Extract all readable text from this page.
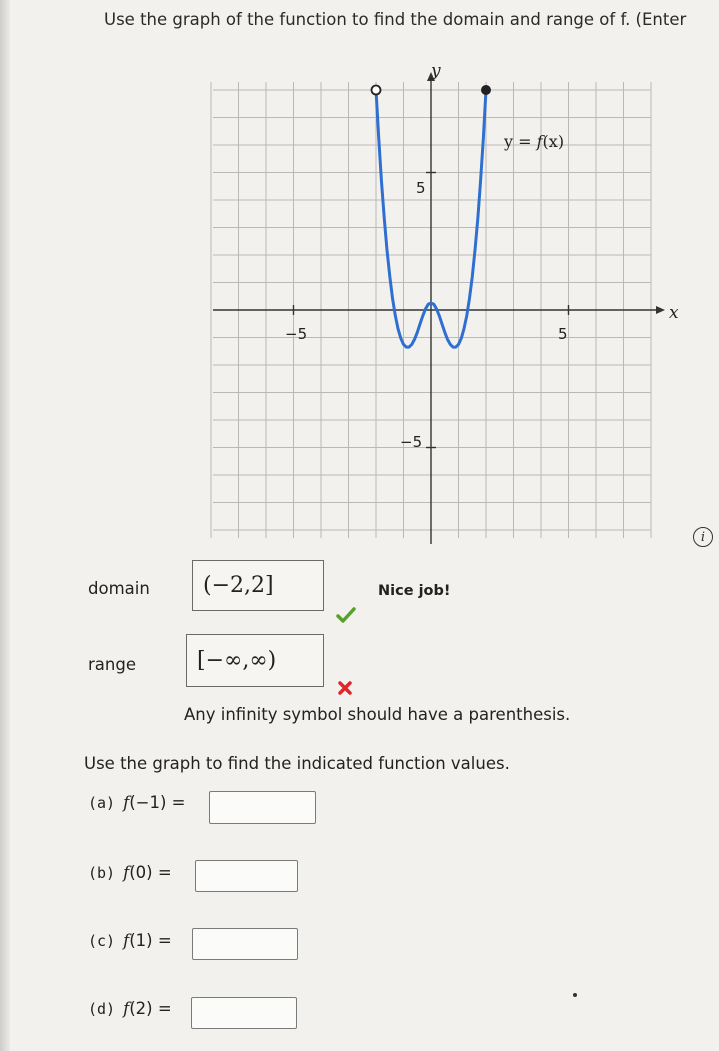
Use the graph of the function to find the domain and range of f. (Enter
y
x
y = f(x)
5
−5
5
−5
i
domain	(−2,2]	Nice job!
range	[−∞,∞)
Any infinity symbol should have a parenthesis.
Use the graph to find the indicated function values.
(a) f(−1) =
(b) f(0) =
(c) f(1) =
(d) f(2) =
